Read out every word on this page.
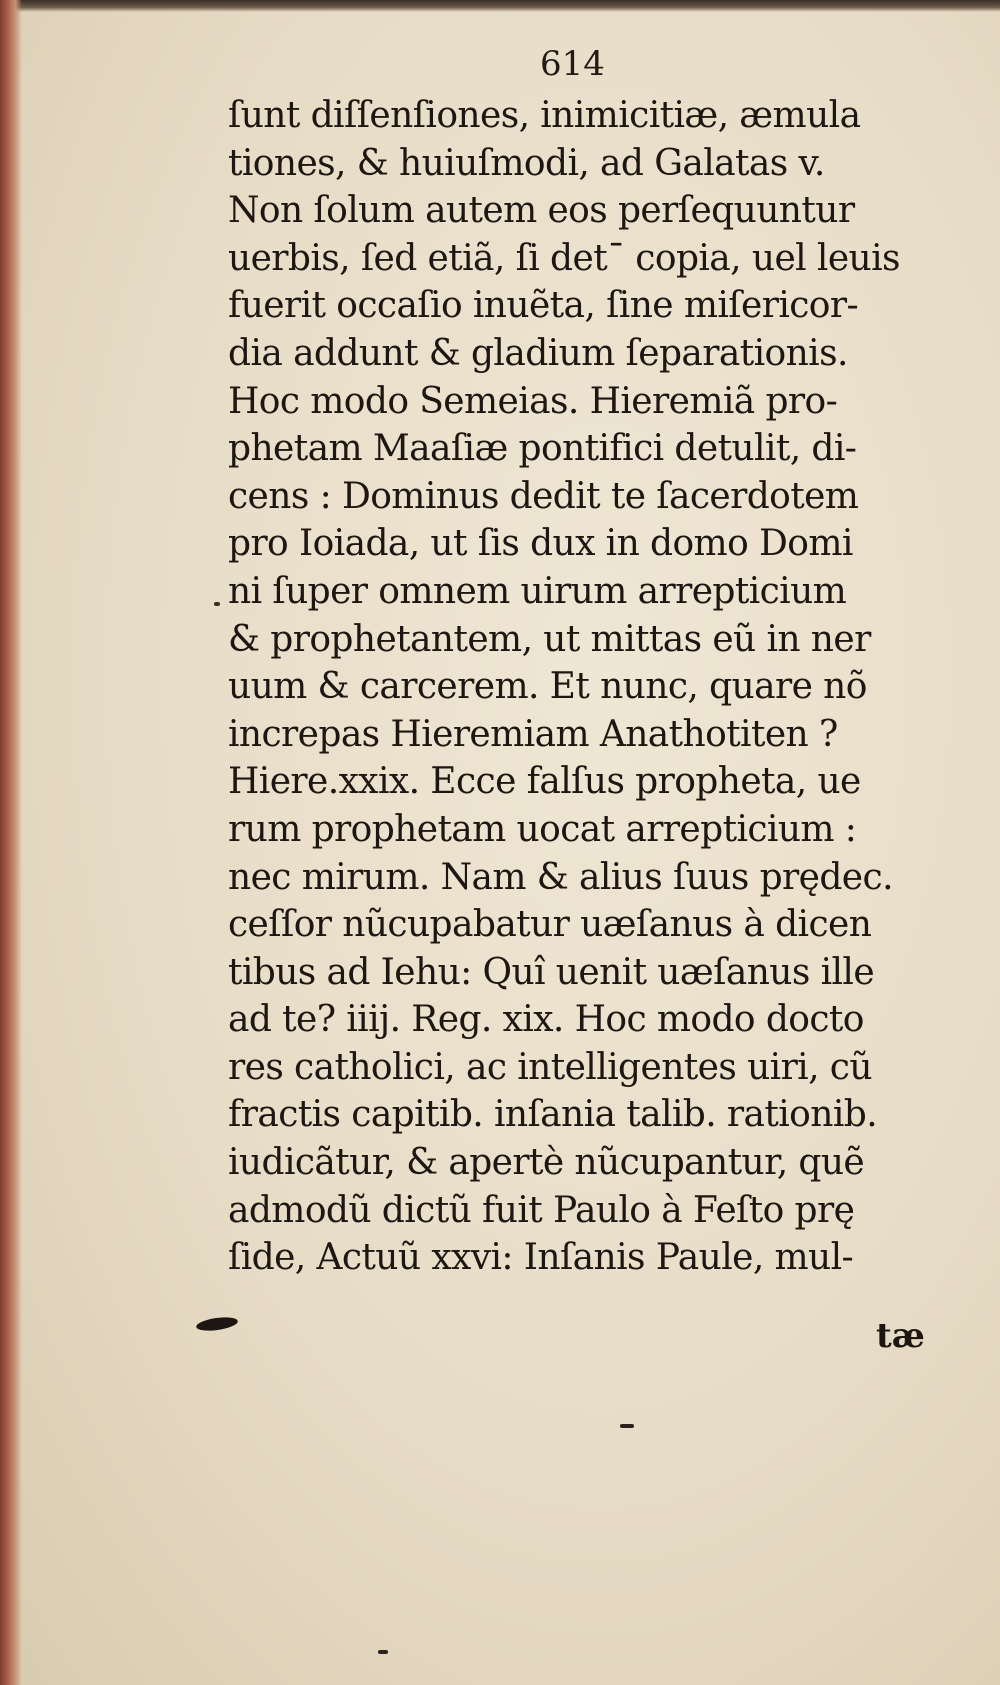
614
ſunt diſſenſiones, inimicitiæ, æmula
tiones, & huiuſmodi, ad Galatas v.
Non ſolum autem eos perſequuntur
uerbis, ſed etiã, ſi detˉ copia, uel leuis
fuerit occaſio inuẽta, ſine miſericor-
dia addunt & gladium ſeparationis.
Hoc modo Semeias. Hieremiã pro-
phetam Maaſiæ pontifici detulit, di-
cens : Dominus dedit te ſacerdotem
pro Ioiada, ut ſis dux in domo Domi
ni ſuper omnem uirum arrepticium
& prophetantem, ut mittas eũ in ner
uum & carcerem. Et nunc, quare nõ
increpas Hieremiam Anathotiten ?
Hiere.xxix. Ecce falſus propheta, ue
rum prophetam uocat arrepticium :
nec mirum. Nam & alius ſuus prędec.
ceſſor nũcupabatur uæſanus à dicen
tibus ad Iehu: Quî uenit uæſanus ille
ad te? iiij. Reg. xix. Hoc modo docto
res catholici, ac intelligentes uiri, cũ
fractis capitib. inſania talib. rationib.
iudicãtur, & apertè nũcupantur, quẽ
admodũ dictũ fuit Paulo à Feſto prę
ſide, Actuũ xxvi: Inſanis Paule, mul-
tæ
